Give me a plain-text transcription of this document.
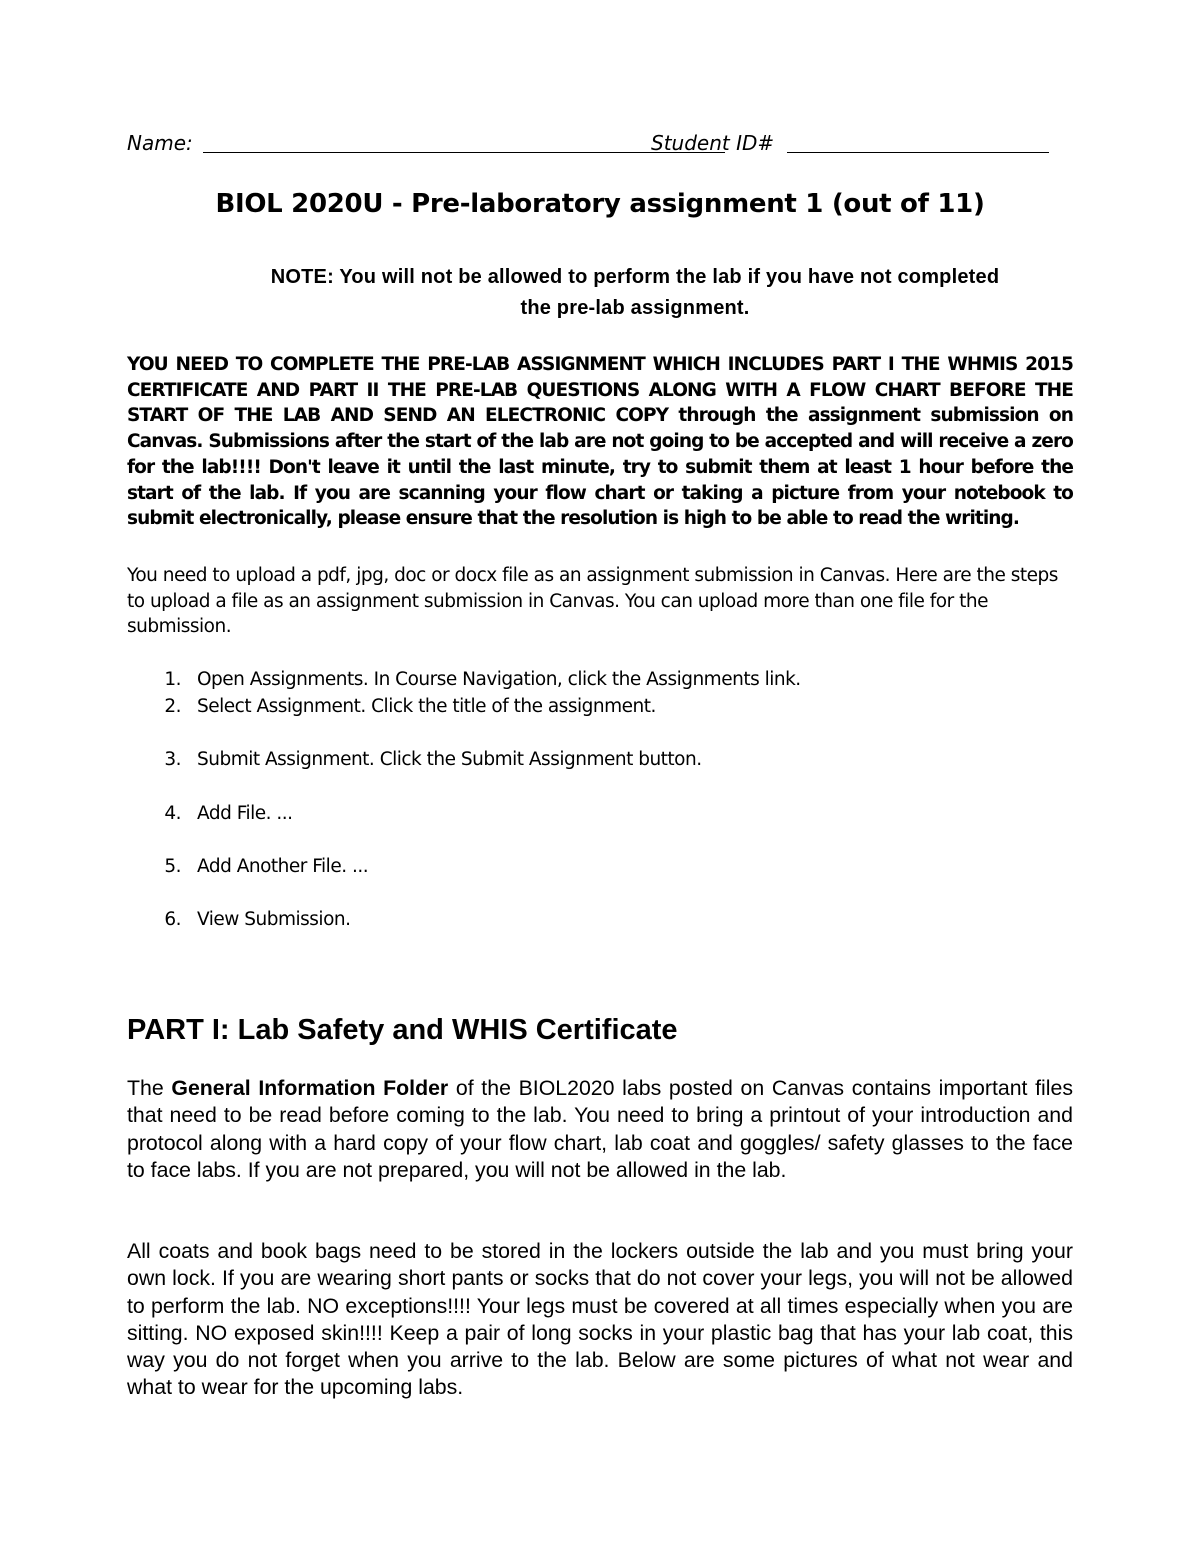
Name:	Student ID#
BIOL 2020U - Pre-laboratory assignment 1 (out of 11)
NOTE: You will not be allowed to perform the lab if you have not completed
the pre-lab assignment.
YOU NEED TO COMPLETE THE PRE-LAB ASSIGNMENT WHICH INCLUDES PART I THE WHMIS 2015 CERTIFICATE AND PART II THE PRE-LAB QUESTIONS ALONG WITH A FLOW CHART BEFORE THE START OF THE LAB AND SEND AN ELECTRONIC COPY through the assignment submission on Canvas. Submissions after the start of the lab are not going to be accepted and will receive a zero for the lab!!!! Don't leave it until the last minute, try to submit them at least 1 hour before the start of the lab. If you are scanning your flow chart or taking a picture from your notebook to submit electronically, please ensure that the resolution is high to be able to read the writing.
You need to upload a pdf, jpg, doc or docx file as an assignment submission in Canvas. Here are the steps to upload a file as an assignment submission in Canvas. You can upload more than one file for the submission.
1. Open Assignments. In Course Navigation, click the Assignments link.
2. Select Assignment. Click the title of the assignment.
3. Submit Assignment. Click the Submit Assignment button.
4. Add File. ...
5. Add Another File. ...
6. View Submission.
PART I: Lab Safety and WHIS Certificate
The General Information Folder of the BIOL2020 labs posted on Canvas contains important files that need to be read before coming to the lab. You need to bring a printout of your introduction and protocol along with a hard copy of your flow chart, lab coat and goggles/ safety glasses to the face to face labs. If you are not prepared, you will not be allowed in the lab.
All coats and book bags need to be stored in the lockers outside the lab and you must bring your own lock. If you are wearing short pants or socks that do not cover your legs, you will not be allowed to perform the lab. NO exceptions!!!! Your legs must be covered at all times especially when you are sitting. NO exposed skin!!!! Keep a pair of long socks in your plastic bag that has your lab coat, this way you do not forget when you arrive to the lab. Below are some pictures of what not wear and what to wear for the upcoming labs.
